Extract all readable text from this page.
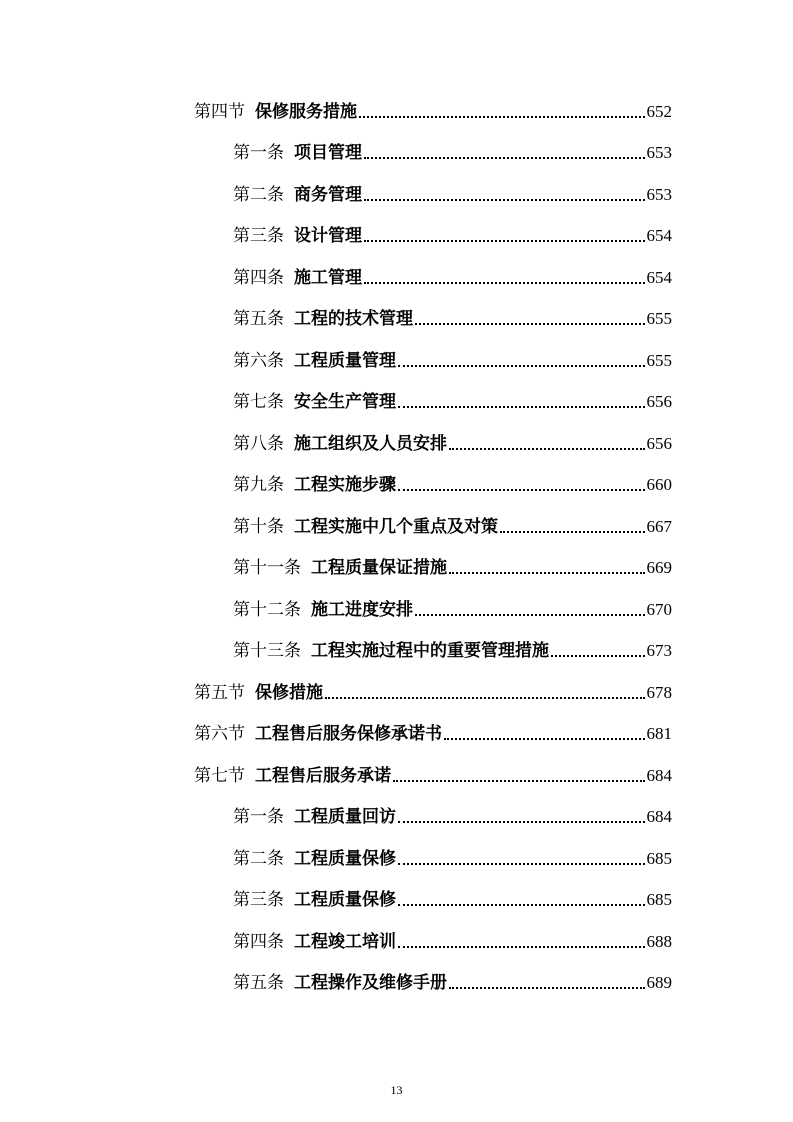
第四节 保修服务措施	652
第一条 项目管理	653
第二条 商务管理	653
第三条 设计管理	654
第四条 施工管理	654
第五条 工程的技术管理	655
第六条 工程质量管理	655
第七条 安全生产管理	656
第八条 施工组织及人员安排	656
第九条 工程实施步骤	660
第十条 工程实施中几个重点及对策	667
第十一条 工程质量保证措施	669
第十二条 施工进度安排	670
第十三条 工程实施过程中的重要管理措施	673
第五节 保修措施	678
第六节 工程售后服务保修承诺书	681
第七节 工程售后服务承诺	684
第一条 工程质量回访	684
第二条 工程质量保修	685
第三条 工程质量保修	685
第四条 工程竣工培训	688
第五条 工程操作及维修手册	689
13
